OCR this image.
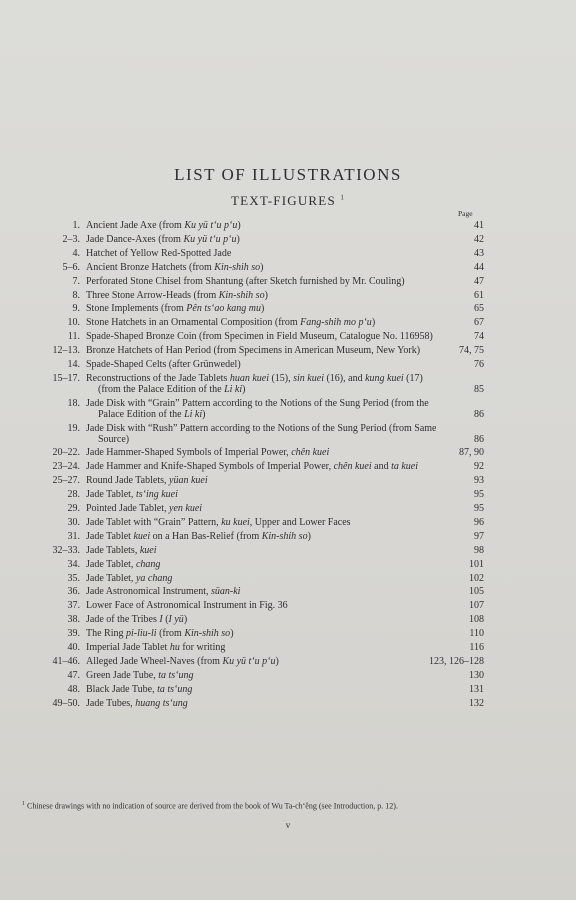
LIST OF ILLUSTRATIONS
TEXT-FIGURES $^1$
Page
1. Ancient Jade Axe (from Ku yü t‘u p‘u)	41
2–3. Jade Dance-Axes (from Ku yü t‘u p‘u)	42
4. Hatchet of Yellow Red-Spotted Jade	43
5–6. Ancient Bronze Hatchets (from Kin-shih so)	44
7. Perforated Stone Chisel from Shantung (after Sketch furnished by Mr. Couling)	47
8. Three Stone Arrow-Heads (from Kin-shih so)	61
9. Stone Implements (from Pên ts‘ao kang mu)	65
10. Stone Hatchets in an Ornamental Composition (from Fang-shih mo p‘u)	67
11. Spade-Shaped Bronze Coin (from Specimen in Field Museum, Catalogue No. 116958)	74
12–13. Bronze Hatchets of Han Period (from Specimens in American Museum, New York)	74, 75
14. Spade-Shaped Celts (after Grünwedel)	76
15–17. Reconstructions of the Jade Tablets huan kuei (15), sin kuei (16), and kung kuei (17) (from the Palace Edition of the Li ki)	85
18. Jade Disk with “Grain” Pattern according to the Notions of the Sung Period (from the Palace Edition of the Li ki)	86
19. Jade Disk with “Rush” Pattern according to the Notions of the Sung Period (from Same Source)	86
20–22. Jade Hammer-Shaped Symbols of Imperial Power, chên kuei	87, 90
23–24. Jade Hammer and Knife-Shaped Symbols of Imperial Power, chên kuei and ta kuei	92
25–27. Round Jade Tablets, yüan kuei	93
28. Jade Tablet, ts‘ing kuei	95
29. Pointed Jade Tablet, yen kuei	95
30. Jade Tablet with “Grain” Pattern, ku kuei, Upper and Lower Faces	96
31. Jade Tablet kuei on a Han Bas-Relief (from Kin-shih so)	97
32–33. Jade Tablets, kuei	98
34. Jade Tablet, chang	101
35. Jade Tablet, ya chang	102
36. Jade Astronomical Instrument, süan-ki	105
37. Lower Face of Astronomical Instrument in Fig. 36	107
38. Jade of the Tribes I (I yü)	108
39. The Ring pi-liu-li (from Kin-shih so)	110
40. Imperial Jade Tablet hu for writing	116
41–46. Alleged Jade Wheel-Naves (from Ku yü t‘u p‘u)	123, 126–128
47. Green Jade Tube, ta ts‘ung	130
48. Black Jade Tube, ta ts‘ung	131
49–50. Jade Tubes, huang ts‘ung	132
$^1$ Chinese drawings with no indication of source are derived from the book of Wu Ta-ch‘êng (see Introduction, p. 12).
v
